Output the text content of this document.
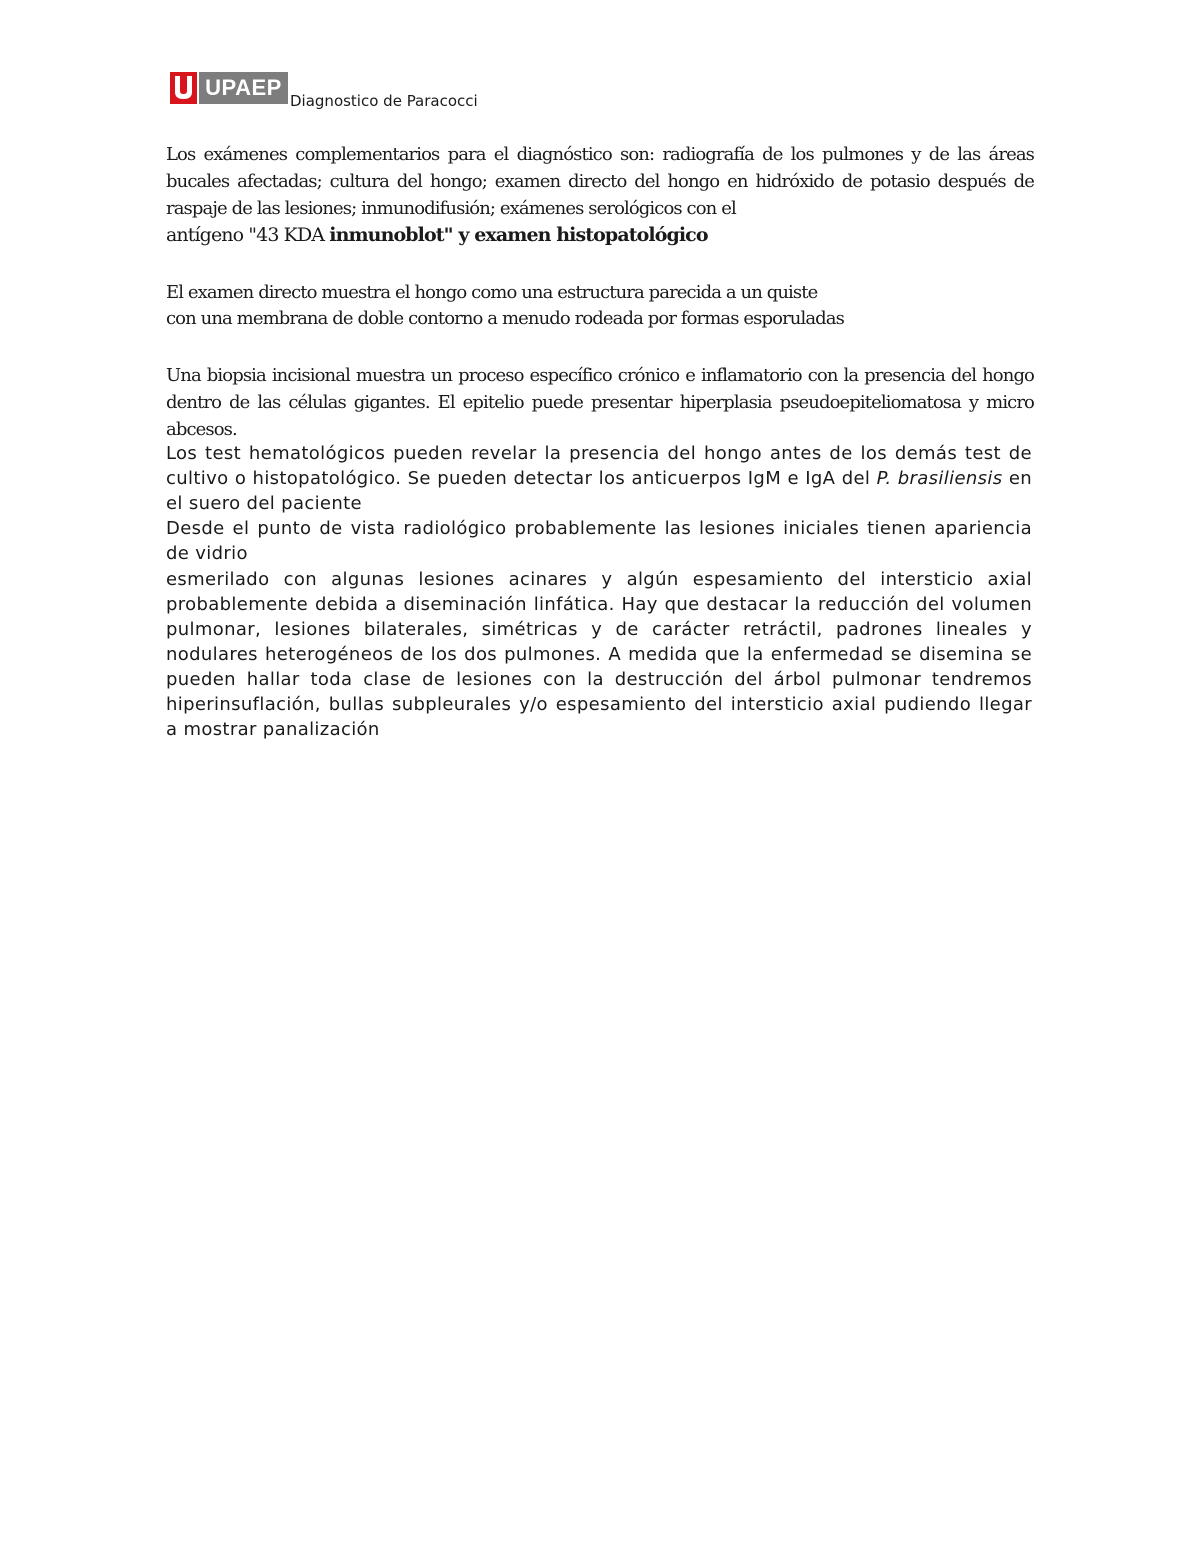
UPAEP
Diagnostico de Paracocci

Los exámenes complementarios para el diagnóstico son: radiografía de los pulmones y de las áreas bucales afectadas; cultura del hongo; examen directo del hongo en hidróxido de potasio después de raspaje de las lesiones; inmunodifusión; exámenes serológicos con el
antígeno "43 KDA inmunoblot" y examen histopatológico

El examen directo muestra el hongo como una estructura parecida a un quiste
con una membrana de doble contorno a menudo rodeada por formas esporuladas

Una biopsia incisional muestra un proceso específico crónico e inflamatorio con la presencia del hongo dentro de las células gigantes. El epitelio puede presentar hiperplasia pseudoepiteliomatosa y micro abcesos.

Los test hematológicos pueden revelar la presencia del hongo antes de los demás test de cultivo o histopatológico. Se pueden detectar los anticuerpos IgM e IgA del P. brasiliensis en el suero del paciente

Desde el punto de vista radiológico probablemente las lesiones iniciales tienen apariencia de vidrio

esmerilado con algunas lesiones acinares y algún espesamiento del intersticio axial probablemente debida a diseminación linfática. Hay que destacar la reducción del volumen pulmonar, lesiones bilaterales, simétricas y de carácter retráctil, padrones lineales y nodulares heterogéneos de los dos pulmones. A medida que la enfermedad se disemina se pueden hallar toda clase de lesiones con la destrucción del árbol pulmonar tendremos hiperinsuflación, bullas subpleurales y/o espesamiento del intersticio axial pudiendo llegar a mostrar panalización
